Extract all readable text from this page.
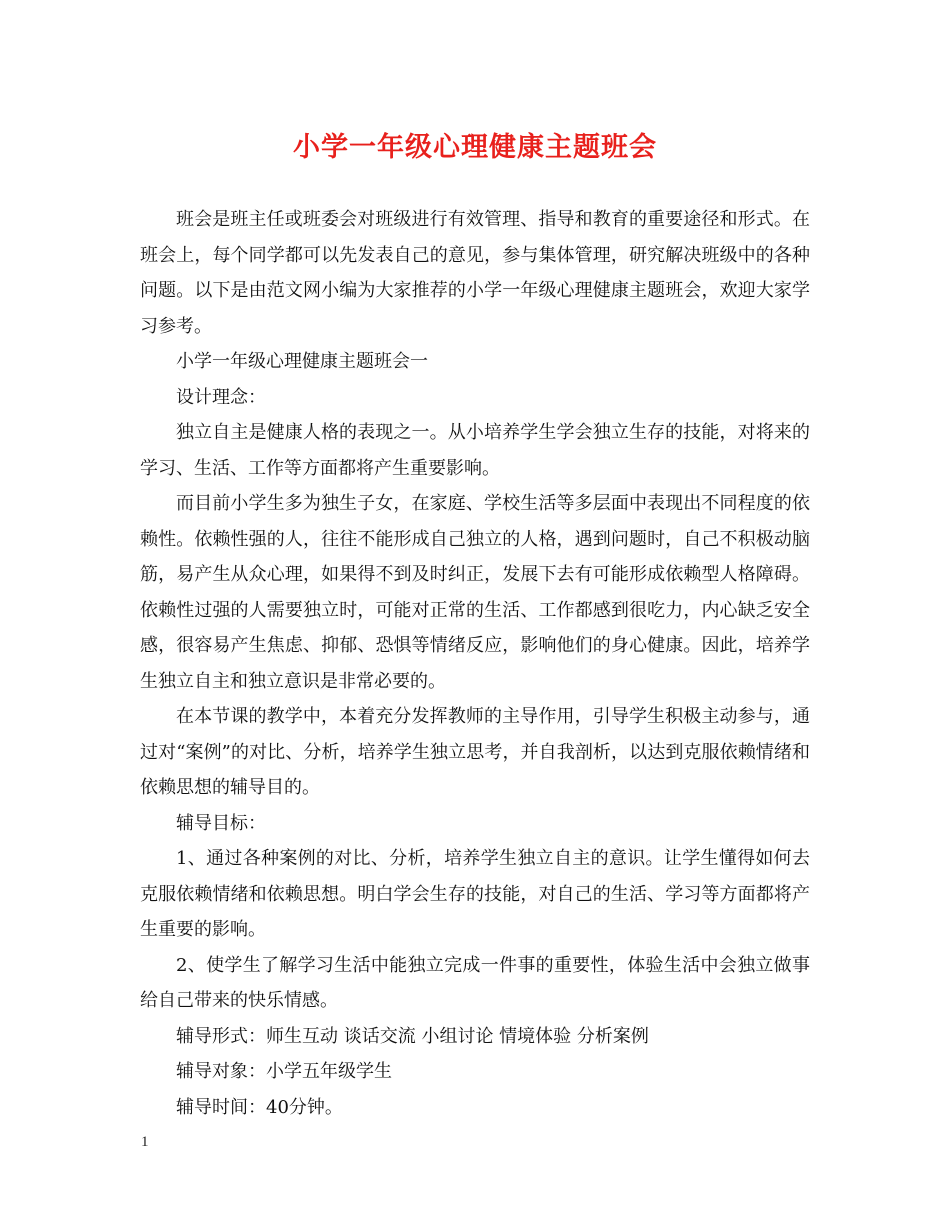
小学一年级心理健康主题班会

班会是班主任或班委会对班级进行有效管理、指导和教育的重要途径和形式。在班会上，每个同学都可以先发表自己的意见，参与集体管理，研究解决班级中的各种问题。以下是由范文网小编为大家推荐的小学一年级心理健康主题班会，欢迎大家学习参考。

小学一年级心理健康主题班会一

设计理念：

独立自主是健康人格的表现之一。从小培养学生学会独立生存的技能，对将来的学习、生活、工作等方面都将产生重要影响。

而目前小学生多为独生子女，在家庭、学校生活等多层面中表现出不同程度的依赖性。依赖性强的人，往往不能形成自己独立的人格，遇到问题时，自己不积极动脑筋，易产生从众心理，如果得不到及时纠正，发展下去有可能形成依赖型人格障碍。依赖性过强的人需要独立时，可能对正常的生活、工作都感到很吃力，内心缺乏安全感，很容易产生焦虑、抑郁、恐惧等情绪反应，影响他们的身心健康。因此，培养学生独立自主和独立意识是非常必要的。

在本节课的教学中，本着充分发挥教师的主导作用，引导学生积极主动参与，通过对“案例”的对比、分析，培养学生独立思考，并自我剖析，以达到克服依赖情绪和依赖思想的辅导目的。

辅导目标：

1、通过各种案例的对比、分析，培养学生独立自主的意识。让学生懂得如何去克服依赖情绪和依赖思想。明白学会生存的技能，对自己的生活、学习等方面都将产生重要的影响。

2、使学生了解学习生活中能独立完成一件事的重要性，体验生活中会独立做事给自己带来的快乐情感。

辅导形式：师生互动 谈话交流 小组讨论 情境体验 分析案例

辅导对象：小学五年级学生

辅导时间：40分钟。

1
